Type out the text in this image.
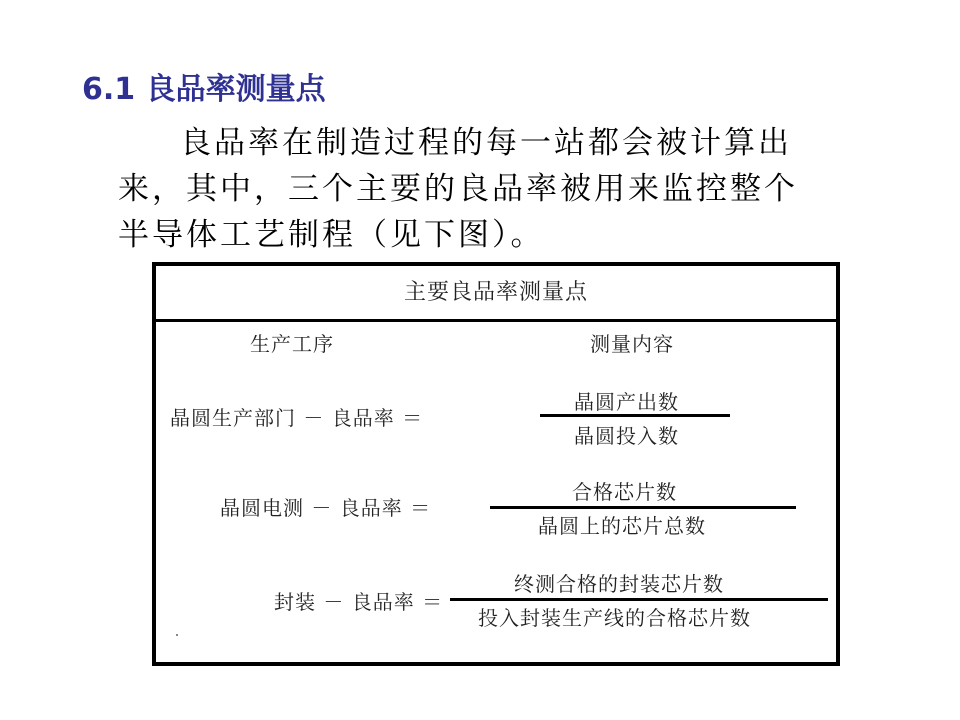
6.1 良品率测量点
良品率在制造过程的每一站都会被计算出
来，其中，三个主要的良品率被用来监控整个
半导体工艺制程（见下图）。
主要良品率测量点
生产工序	测量内容
晶圆生产部门 － 良品率 ＝
晶圆产出数
晶圆投入数
晶圆电测 － 良品率 ＝
合格芯片数
晶圆上的芯片总数
封装 － 良品率 ＝
终测合格的封装芯片数
投入封装生产线的合格芯片数
